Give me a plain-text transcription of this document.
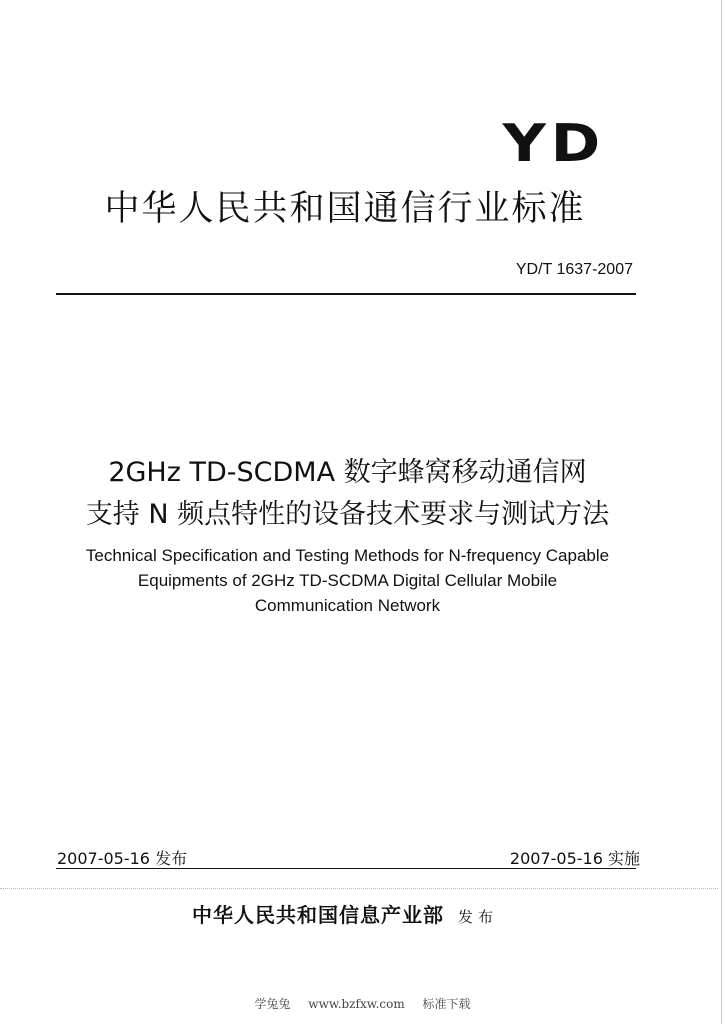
YD
中华人民共和国通信行业标准
YD/T 1637-2007
2GHz TD-SCDMA 数字蜂窝移动通信网
支持 N 频点特性的设备技术要求与测试方法
Technical Specification and Testing Methods for N-frequency Capable
Equipments of 2GHz TD-SCDMA Digital Cellular Mobile
Communication Network
2007-05-16 发布	2007-05-16 实施
中华人民共和国信息产业部 发布
学兔兔 www.bzfxw.com 标准下载
